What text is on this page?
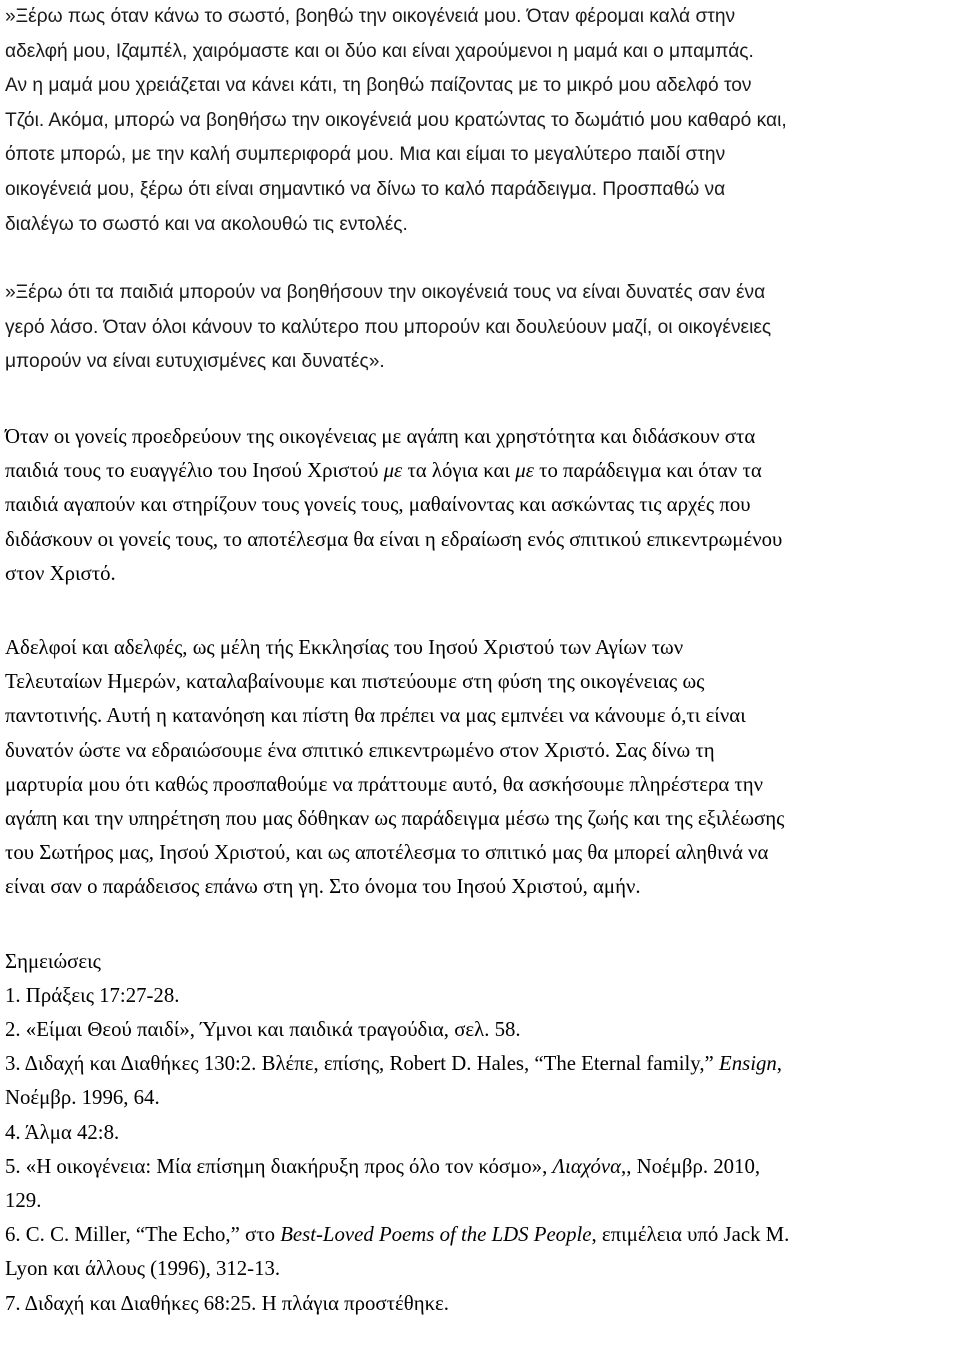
»Ξέρω πως όταν κάνω το σωστό, βοηθώ την οικογένειά μου. Όταν φέρομαι καλά στην
αδελφή μου, Ιζαμπέλ, χαιρόμαστε και οι δύο και είναι χαρούμενοι η μαμά και ο μπαμπάς.
Αν η μαμά μου χρειάζεται να κάνει κάτι, τη βοηθώ παίζοντας με το μικρό μου αδελφό τον
Τζόι. Ακόμα, μπορώ να βοηθήσω την οικογένειά μου κρατώντας το δωμάτιό μου καθαρό και,
όποτε μπορώ, με την καλή συμπεριφορά μου. Μια και είμαι το μεγαλύτερο παιδί στην
οικογένειά μου, ξέρω ότι είναι σημαντικό να δίνω το καλό παράδειγμα. Προσπαθώ να
διαλέγω το σωστό και να ακολουθώ τις εντολές.

»Ξέρω ότι τα παιδιά μπορούν να βοηθήσουν την οικογένειά τους να είναι δυνατές σαν ένα
γερό λάσο. Όταν όλοι κάνουν το καλύτερο που μπορούν και δουλεύουν μαζί, οι οικογένειες
μπορούν να είναι ευτυχισμένες και δυνατές».

Όταν οι γονείς προεδρεύουν της οικογένειας με αγάπη και χρηστότητα και διδάσκουν στα
παιδιά τους το ευαγγέλιο του Ιησού Χριστού με τα λόγια και με το παράδειγμα και όταν τα
παιδιά αγαπούν και στηρίζουν τους γονείς τους, μαθαίνοντας και ασκώντας τις αρχές που
διδάσκουν οι γονείς τους, το αποτέλεσμα θα είναι η εδραίωση ενός σπιτικού επικεντρωμένου
στον Χριστό.

Αδελφοί και αδελφές, ως μέλη τής Εκκλησίας του Ιησού Χριστού των Αγίων των
Τελευταίων Ημερών, καταλαβαίνουμε και πιστεύουμε στη φύση της οικογένειας ως
παντοτινής. Αυτή η κατανόηση και πίστη θα πρέπει να μας εμπνέει να κάνουμε ό,τι είναι
δυνατόν ώστε να εδραιώσουμε ένα σπιτικό επικεντρωμένο στον Χριστό. Σας δίνω τη
μαρτυρία μου ότι καθώς προσπαθούμε να πράττουμε αυτό, θα ασκήσουμε πληρέστερα την
αγάπη και την υπηρέτηση που μας δόθηκαν ως παράδειγμα μέσω της ζωής και της εξιλέωσης
του Σωτήρος μας, Ιησού Χριστού, και ως αποτέλεσμα το σπιτικό μας θα μπορεί αληθινά να
είναι σαν ο παράδεισος επάνω στη γη. Στο όνομα του Ιησού Χριστού, αμήν.

Σημειώσεις
1. Πράξεις 17:27-28.
2. «Είμαι Θεού παιδί», Ύμνοι και παιδικά τραγούδια, σελ. 58.
3. Διδαχή και Διαθήκες 130:2. Βλέπε, επίσης, Robert D. Hales, “The Eternal family,” Ensign,
Νοέμβρ. 1996, 64.
4. Άλμα 42:8.
5. «Η οικογένεια: Μία επίσημη διακήρυξη προς όλο τον κόσμο», Λιαχόνα,, Νοέμβρ. 2010,
129.
6. C. C. Miller, “The Echo,” στο Best-Loved Poems of the LDS People, επιμέλεια υπό Jack M.
Lyon και άλλους (1996), 312-13.
7. Διδαχή και Διαθήκες 68:25. Η πλάγια προστέθηκε.
